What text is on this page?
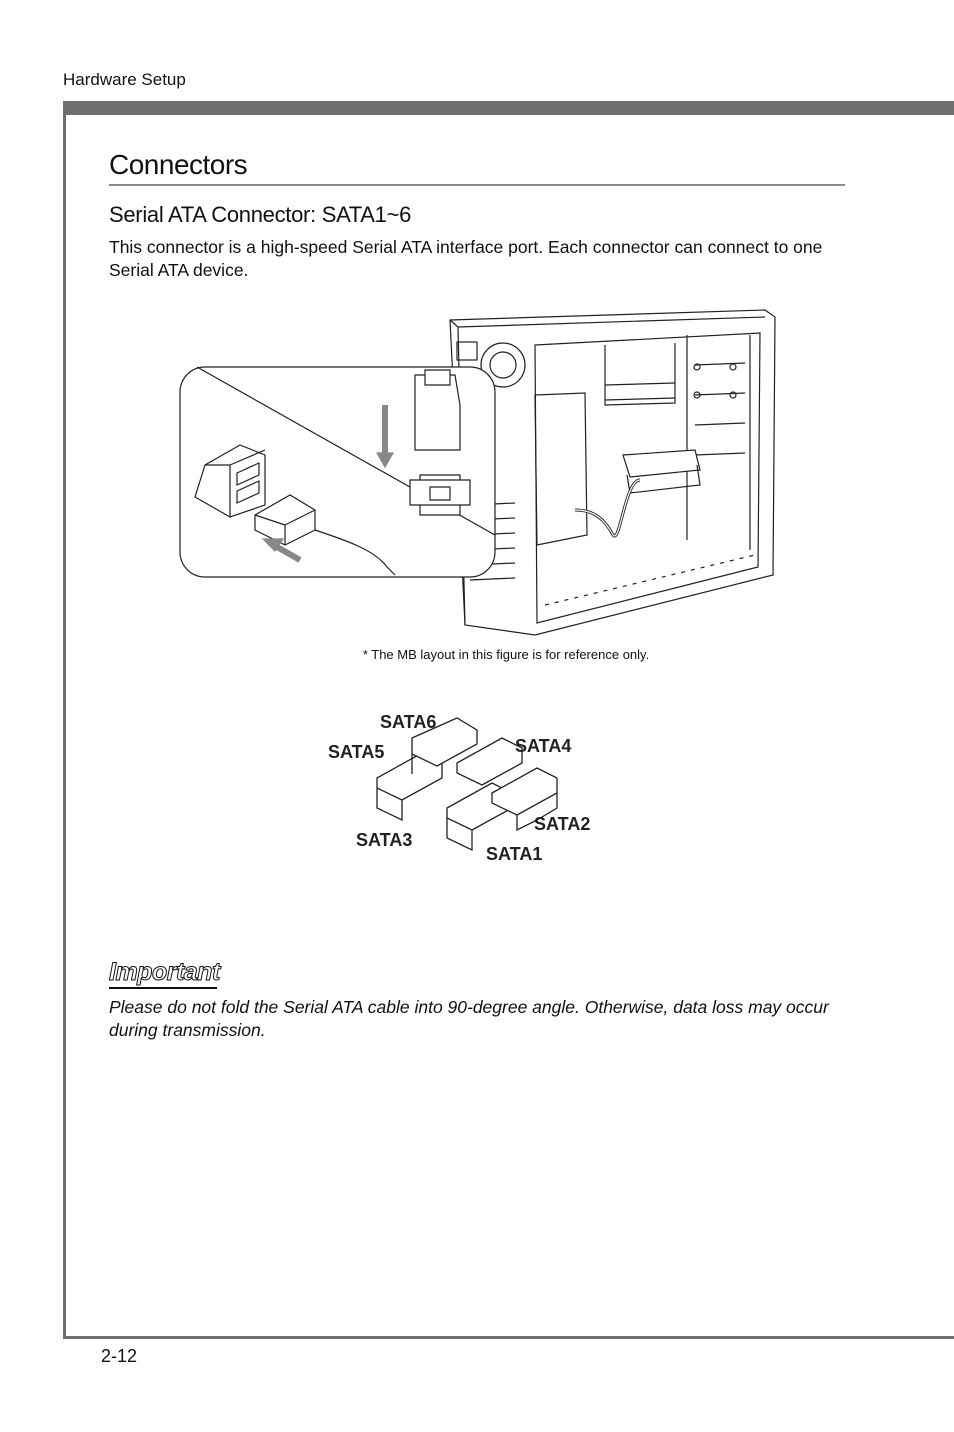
Hardware Setup
Connectors
Serial ATA Connector: SATA1~6
This connector is a high-speed Serial ATA interface port. Each connector can connect to one Serial ATA device.
* The MB layout in this figure is for reference only.
SATA6
SATA5	SATA4
SATA3
SATA2
SATA1
Important
Please do not fold the Serial ATA cable into 90-degree angle. Otherwise, data loss may occur during transmission.
2-12
